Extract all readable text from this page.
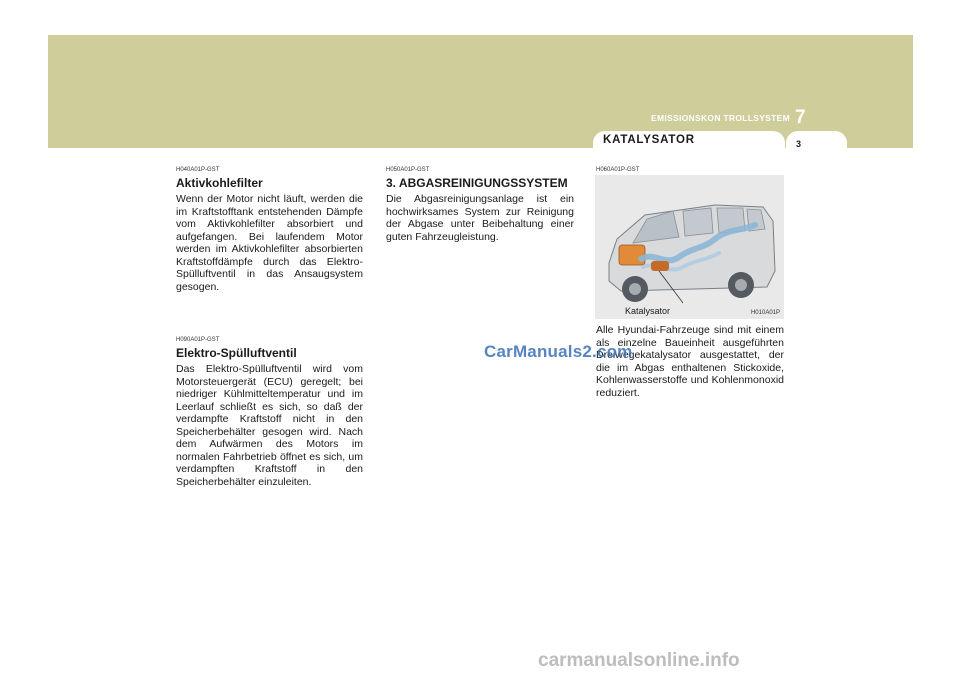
EMISSIONSKON TROLLSYSTEM 7
KATALYSATOR	3

H040A01P-GST

Aktivkohlefilter

Wenn der Motor nicht läuft, werden die im Kraftstofftank entstehenden Dämpfe vom Aktivkohlefilter absorbiert und aufgefangen. Bei laufendem Motor werden im Aktivkohlefilter absorbierten Kraftstoffdämpfe durch das Elektro-Spülluftventil in das Ansaugsystem gesogen.

H090A01P-GST

Elektro-Spülluftventil

Das Elektro-Spülluftventil wird vom Motorsteuergerät (ECU) geregelt; bei niedriger Kühlmitteltemperatur und im Leerlauf schließt es sich, so daß der verdampfte Kraftstoff nicht in den Speicherbehälter gesogen wird. Nach dem Aufwärmen des Motors im normalen Fahrbetrieb öffnet es sich, um verdampften Kraftstoff in den Speicherbehälter einzuleiten.

H050A01P-GST

3. ABGASREINIGUNGSSYSTEM

Die Abgasreinigungsanlage ist ein hochwirksames System zur Reinigung der Abgase unter Beibehaltung einer guten Fahrzeugleistung.

H060A01P-GST

Katalysator	H010A01P

Alle Hyundai-Fahrzeuge sind mit einem als einzelne Baueinheit ausgeführten Dreiwegekatalysator ausgestattet, der die im Abgas enthaltenen Stickoxide, Kohlenwasserstoffe und Kohlenmonoxid reduziert.

CarManuals2.com
carmanualsonline.info
